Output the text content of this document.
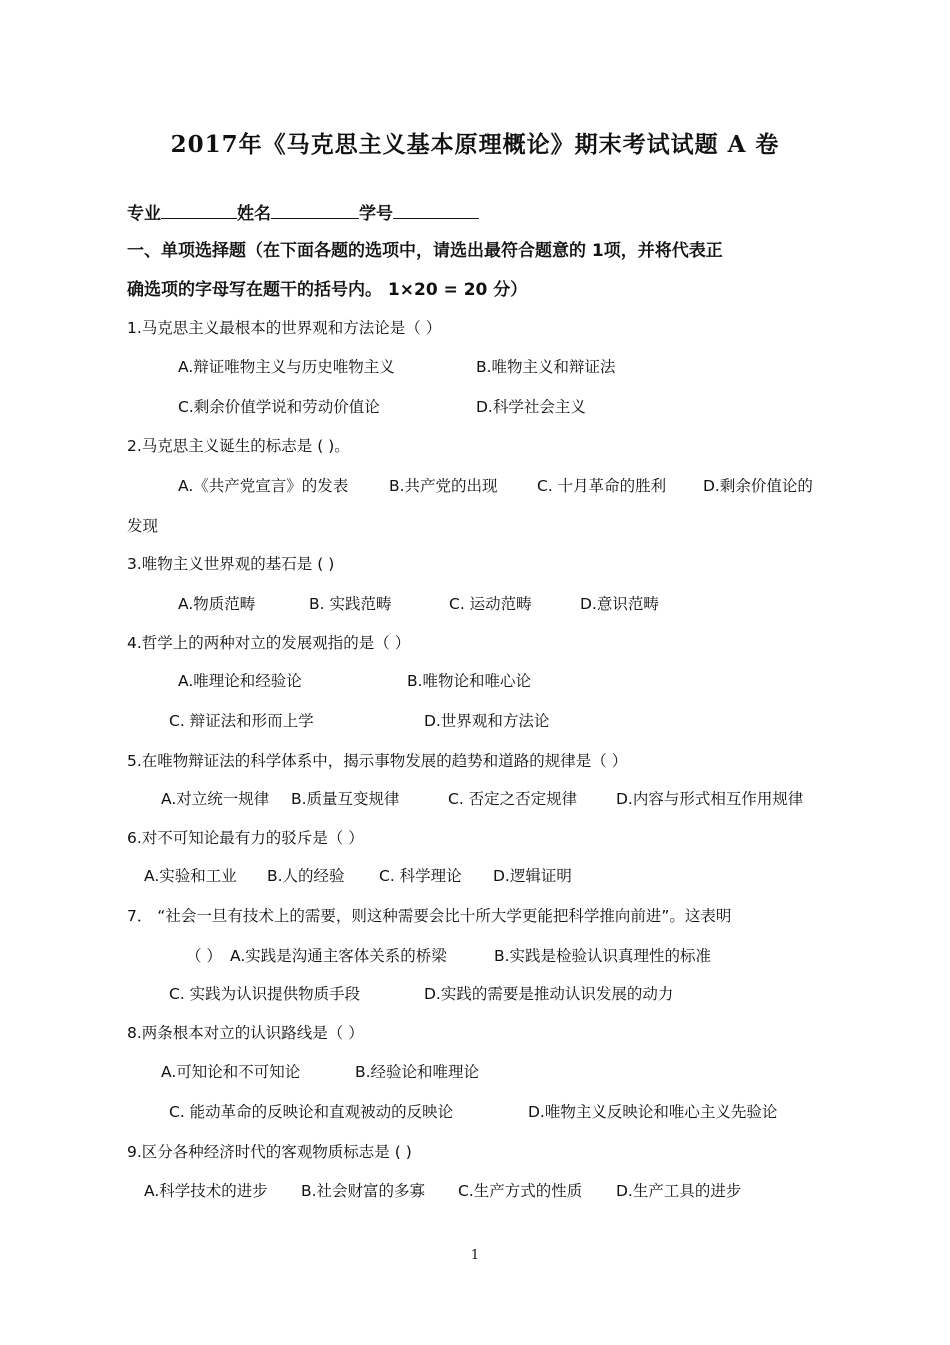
2017年《马克思主义基本原理概论》期末考试试题 A 卷
专业	姓名	学号
一、单项选择题（在下面各题的选项中，请选出最符合题意的 1项，并将代表正
确选项的字母写在题干的括号内。 1×20 = 20 分）
1.马克思主义最根本的世界观和方法论是（ ）
A.辩证唯物主义与历史唯物主义	B.唯物主义和辩证法
C.剩余价值学说和劳动价值论	D.科学社会主义
2.马克思主义诞生的标志是 ( )。
A.《共产党宣言》的发表	B.共产党的出现	C. 十月革命的胜利 D.剩余价值论的
发现
3.唯物主义世界观的基石是 ( )
A.物质范畴	B. 实践范畴	C. 运动范畴	D.意识范畴
4.哲学上的两种对立的发展观指的是（ ）
A.唯理论和经验论	B.唯物论和唯心论
C. 辩证法和形而上学	D.世界观和方法论
5.在唯物辩证法的科学体系中，揭示事物发展的趋势和道路的规律是（ ）
A.对立统一规律 B.质量互变规律	C. 否定之否定规律	D.内容与形式相互作用规律
6.对不可知论最有力的驳斥是（ ）
A.实验和工业 B.人的经验 C. 科学理论 D.逻辑证明
7． “社会一旦有技术上的需要，则这种需要会比十所大学更能把科学推向前进”。这表明
（ ） A.实践是沟通主客体关系的桥梁	B.实践是检验认识真理性的标准
C. 实践为认识提供物质手段	D.实践的需要是推动认识发展的动力
8.两条根本对立的认识路线是（ ）
A.可知论和不可知论	B.经验论和唯理论
C. 能动革命的反映论和直观被动的反映论	D.唯物主义反映论和唯心主义先验论
9.区分各种经济时代的客观物质标志是 ( )
A.科学技术的进步 B.社会财富的多寡 C.生产方式的性质 D.生产工具的进步
1
